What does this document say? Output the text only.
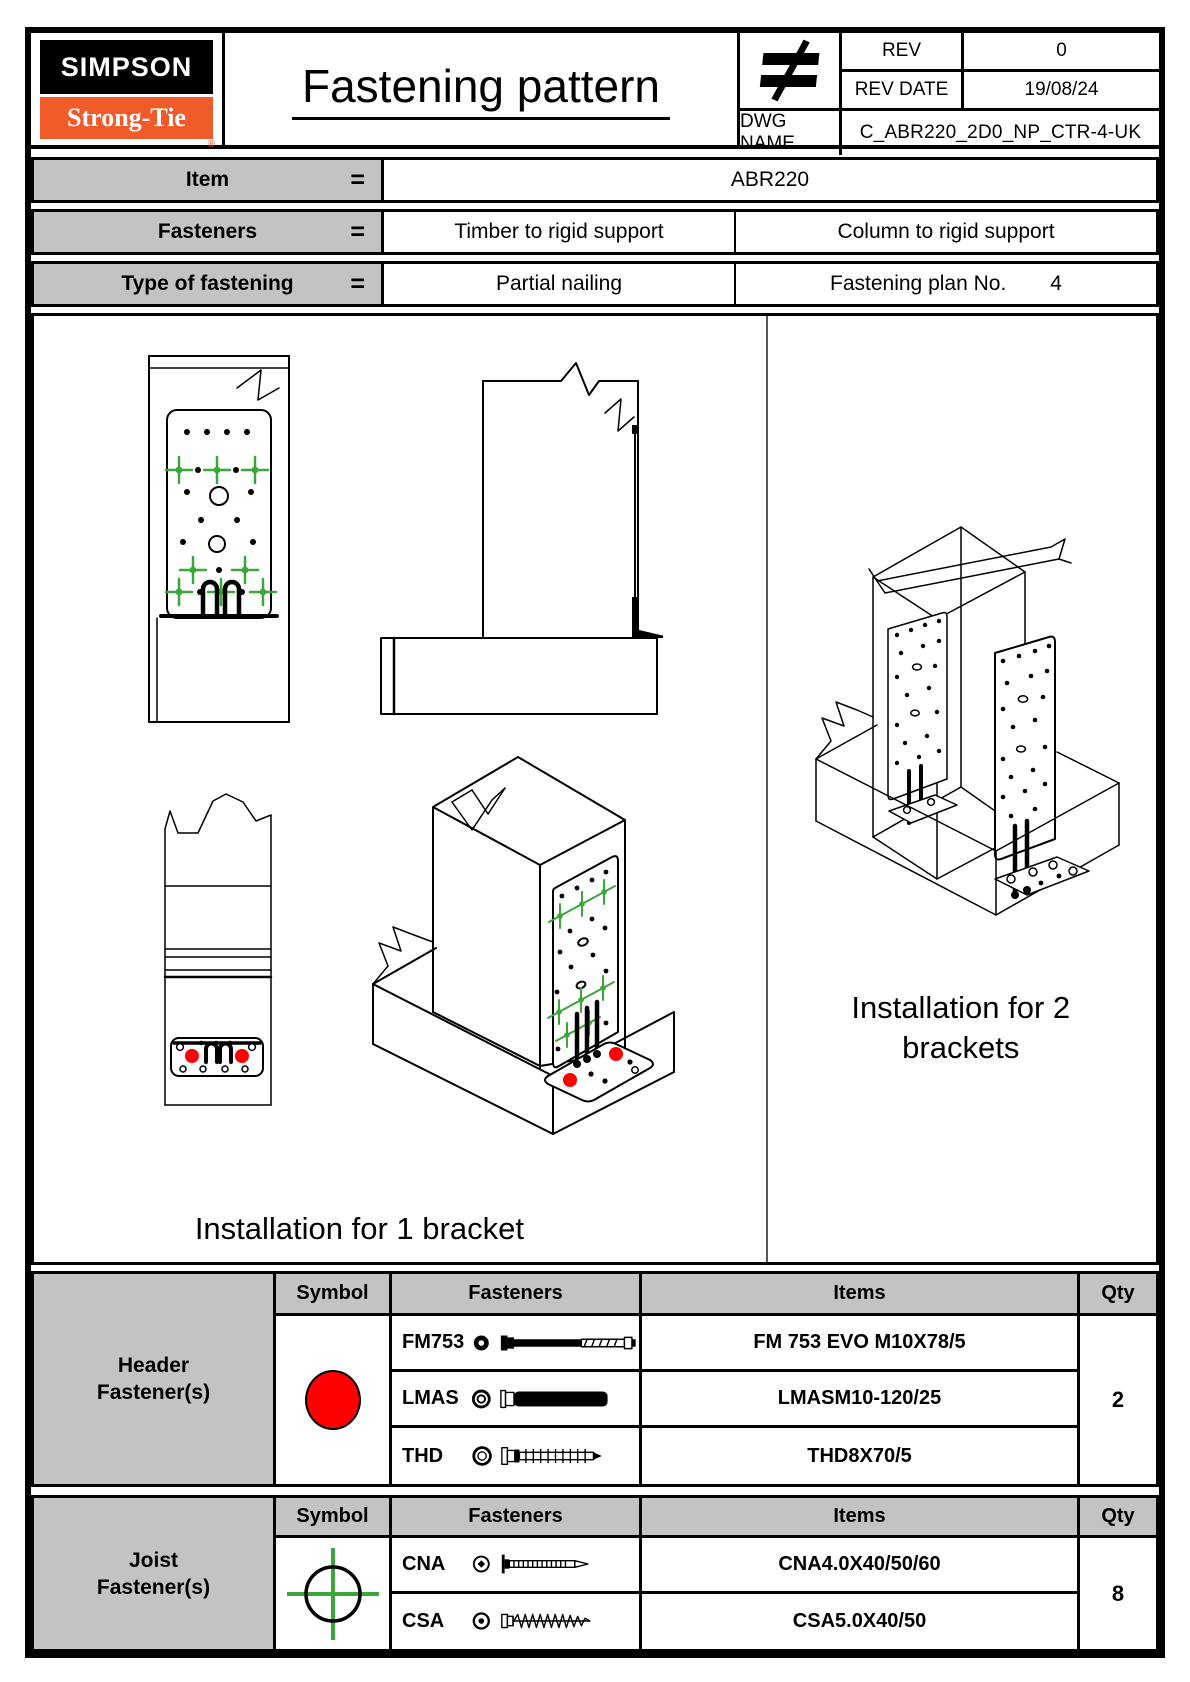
SIMPSON
Strong-Tie
®
Fastening pattern
REV	0
REV DATE	19/08/24
DWG NAME
C_ABR220_2D0_NP_CTR-4-UK
Item	=	ABR220
Fasteners	=	Timber to rigid support	Column to rigid support
Type of fastening =	Partial nailing	Fastening plan No. 4
Installation for 1 bracket
Installation for 2
brackets
Header
Fastener(s)
Symbol	Fasteners	Items	Qty
FM753	FM 753 EVO M10X78/5
LMAS	LMASM10-120/25
THD	THD8X70/5
2
Joist
Fastener(s)
Symbol	Fasteners	Items	Qty
CNA	CNA4.0X40/50/60
CSA	CSA5.0X40/50
8
